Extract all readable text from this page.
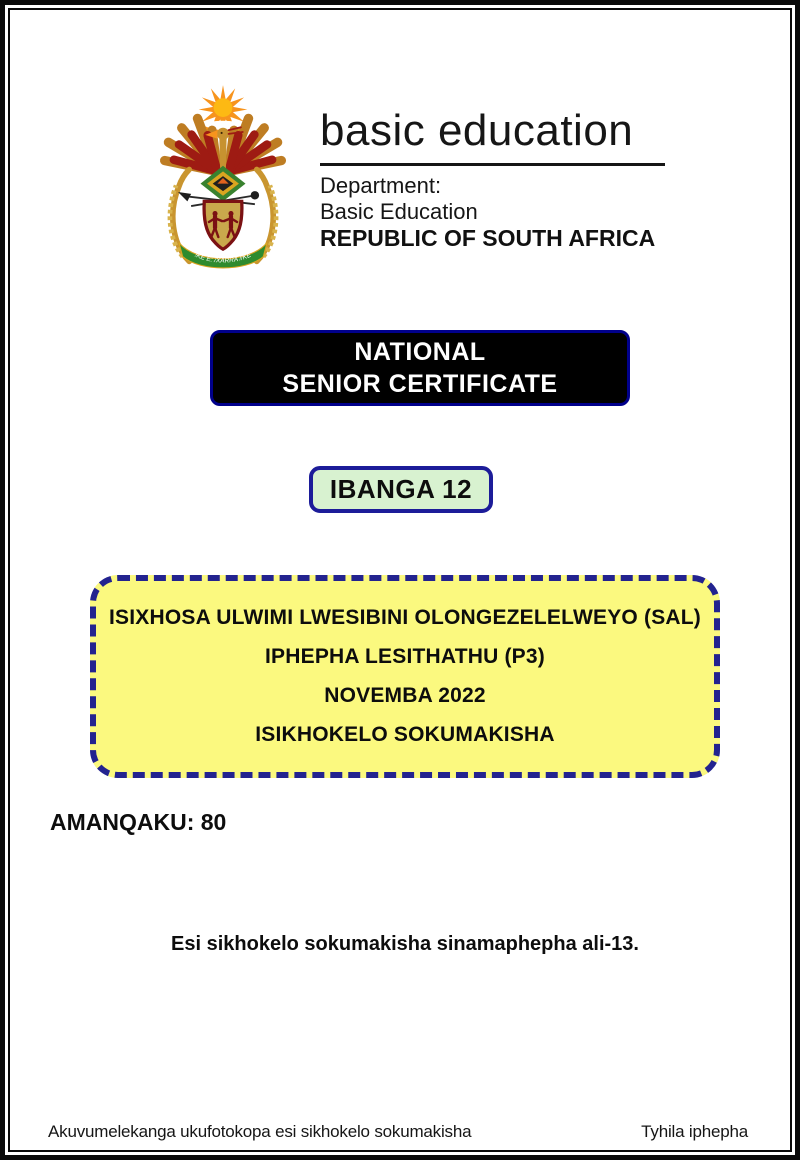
!KE E: /XARRA //KE
basic education
Department:
Basic Education
REPUBLIC OF SOUTH AFRICA
NATIONAL
SENIOR CERTIFICATE
IBANGA 12
ISIXHOSA ULWIMI LWESIBINI OLONGEZELELWEYO (SAL)
IPHEPHA LESITHATHU (P3)
NOVEMBA 2022
ISIKHOKELO SOKUMAKISHA
AMANQAKU: 80
Esi sikhokelo sokumakisha sinamaphepha ali-13.
Akuvumelekanga ukufotokopa esi sikhokelo sokumakisha	Tyhila iphepha
